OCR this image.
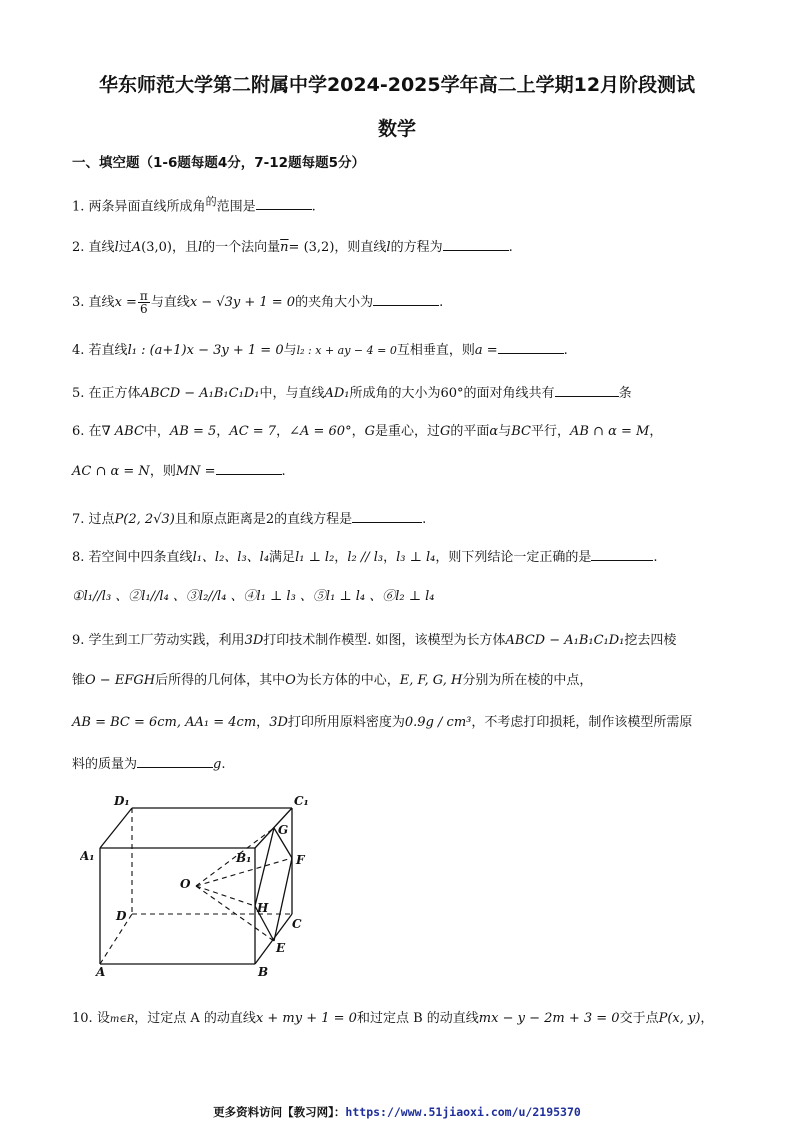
华东师范大学第二附属中学2024-2025学年高二上学期12月阶段测试
数学
一、填空题（1-6题每题4分，7-12题每题5分）
1. 两条异面直线所成角$^的$范围是	.
2. 直线l过A(3,0)，且l的一个法向量$\overline{n}= (3,2)$，则直线l的方程为	.
3. 直线$x = \frac{\pi}{6}$ 与直线x − √3y + 1 = 0的夹角大小为	.
4. 若直线l₁ : (a+1)x − 3y + 1 = 0与l₂ : x + ay − 4 = 0互相垂直，则a =	.
5. 在正方体ABCD − A₁B₁C₁D₁中，与直线AD₁所成角的大小为60°的面对角线共有	条
6. 在∇ ABC中，AB = 5，AC = 7，∠A = 60°，G是重心，过G的平面α与BC平行，AB ∩ α = M，
AC ∩ α = N，则MN =	.
7. 过点P(2, 2√3)且和原点距离是2的直线方程是	.
8. 若空间中四条直线l₁、l₂、l₃、l₄满足l₁ ⊥ l₂，l₂ // l₃，l₃ ⊥ l₄，则下列结论一定正确的是	.
①l₁//l₃ 、②l₁//l₄ 、③l₂//l₄ 、④l₁ ⊥ l₃ 、⑤l₁ ⊥ l₄ 、⑥l₂ ⊥ l₄
9. 学生到工厂劳动实践，利用3D打印技术制作模型. 如图，该模型为长方体ABCD − A₁B₁C₁D₁挖去四棱
锥O − EFGH后所得的几何体，其中O为长方体的中心，E, F, G, H分别为所在棱的中点，
AB = BC = 6cm, AA₁ = 4cm，3D打印所用原料密度为0.9g / cm³，不考虑打印损耗，制作该模型所需原
料的质量为	g.
D₁	C₁
A₁	B₁
G
F
O
H
D
C
E
A	B
10. 设m∈R，过定点 A 的动直线x + my + 1 = 0和过定点 B 的动直线mx − y − 2m + 3 = 0交于点P(x, y)，
更多资料访问【教习网】：https://www.51jiaoxi.com/u/2195370
